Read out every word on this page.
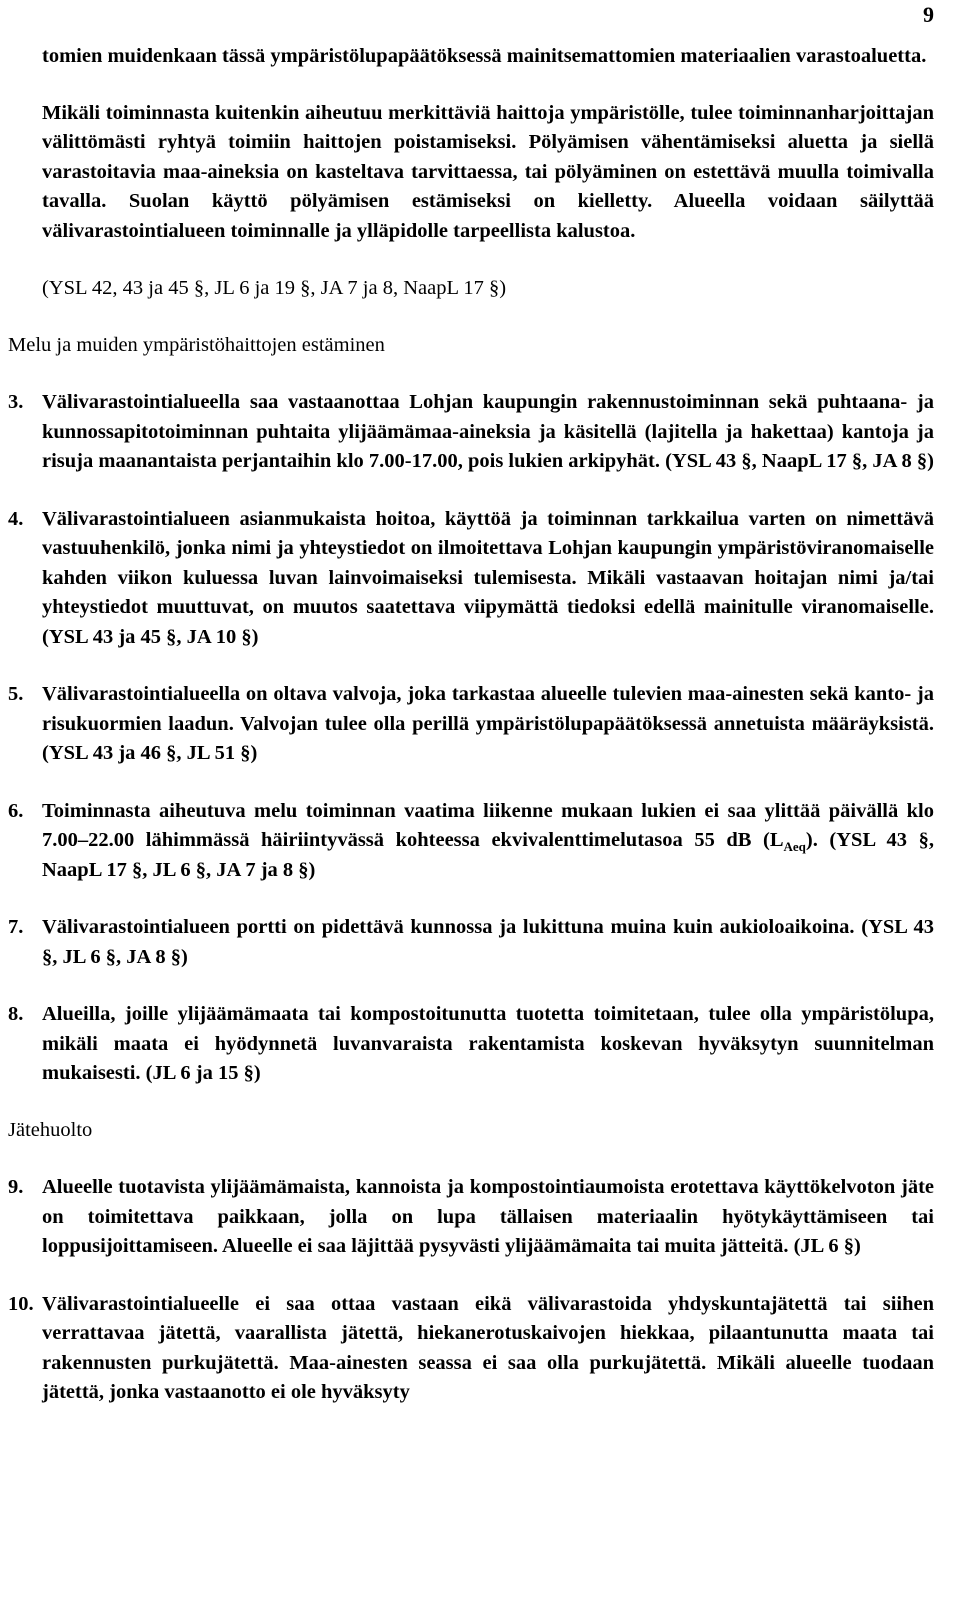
9

tomien muidenkaan tässä ympäristölupapäätöksessä mainitsemattomien materiaalien varastoaluetta.

Mikäli toiminnasta kuitenkin aiheutuu merkittäviä haittoja ympäristölle, tulee toiminnanharjoittajan välittömästi ryhtyä toimiin haittojen poistamiseksi. Pölyämisen vähentämiseksi aluetta ja siellä varastoitavia maa-aineksia on kasteltava tarvittaessa, tai pölyäminen on estettävä muulla toimivalla tavalla. Suolan käyttö pölyämisen estämiseksi on kielletty. Alueella voidaan säilyttää välivarastointialueen toiminnalle ja ylläpidolle tarpeellista kalustoa.

(YSL 42, 43 ja 45 §, JL 6 ja 19 §, JA 7 ja 8, NaapL 17 §)

Melu ja muiden ympäristöhaittojen estäminen

3. Välivarastointialueella saa vastaanottaa Lohjan kaupungin rakennustoiminnan sekä puhtaana- ja kunnossapitotoiminnan puhtaita ylijäämämaa-aineksia ja käsitellä (lajitella ja hakettaa) kantoja ja risuja maanantaista perjantaihin klo 7.00-17.00, pois lukien arkipyhät. (YSL 43 §, NaapL 17 §, JA 8 §)
4. Välivarastointialueen asianmukaista hoitoa, käyttöä ja toiminnan tarkkailua varten on nimettävä vastuuhenkilö, jonka nimi ja yhteystiedot on ilmoitettava Lohjan kaupungin ympäristöviranomaiselle kahden viikon kuluessa luvan lainvoimaiseksi tulemisesta. Mikäli vastaavan hoitajan nimi ja/tai yhteystiedot muuttuvat, on muutos saatettava viipymättä tiedoksi edellä mainitulle viranomaiselle. (YSL 43 ja 45 §, JA 10 §)
5. Välivarastointialueella on oltava valvoja, joka tarkastaa alueelle tulevien maa-ainesten sekä kanto- ja risukuormien laadun. Valvojan tulee olla perillä ympäristölupapäätöksessä annetuista määräyksistä. (YSL 43 ja 46 §, JL 51 §)
6. Toiminnasta aiheutuva melu toiminnan vaatima liikenne mukaan lukien ei saa ylittää päivällä klo 7.00–22.00 lähimmässä häiriintyvässä kohteessa ekvivalenttimelutasoa 55 dB $(L_{Aeq})$. (YSL 43 §, NaapL 17 §, JL 6 §, JA 7 ja 8 §)
7. Välivarastointialueen portti on pidettävä kunnossa ja lukittuna muina kuin aukioloaikoina. (YSL 43 §, JL 6 §, JA 8 §)
8. Alueilla, joille ylijäämämaata tai kompostoitunutta tuotetta toimitetaan, tulee olla ympäristölupa, mikäli maata ei hyödynnetä luvanvaraista rakentamista koskevan hyväksytyn suunnitelman mukaisesti. (JL 6 ja 15 §)

Jätehuolto

9. Alueelle tuotavista ylijäämämaista, kannoista ja kompostointiaumoista erotettava käyttökelvoton jäte on toimitettava paikkaan, jolla on lupa tällaisen materiaalin hyötykäyttämiseen tai loppusijoittamiseen. Alueelle ei saa läjittää pysyvästi ylijäämämaita tai muita jätteitä. (JL 6 §)
10. Välivarastointialueelle ei saa ottaa vastaan eikä välivarastoida yhdyskuntajätettä tai siihen verrattavaa jätettä, vaarallista jätettä, hiekanerotuskaivojen hiekkaa, pilaantunutta maata tai rakennusten purkujätettä. Maa-ainesten seassa ei saa olla purkujätettä. Mikäli alueelle tuodaan jätettä, jonka vastaanotto ei ole hyväksyty
